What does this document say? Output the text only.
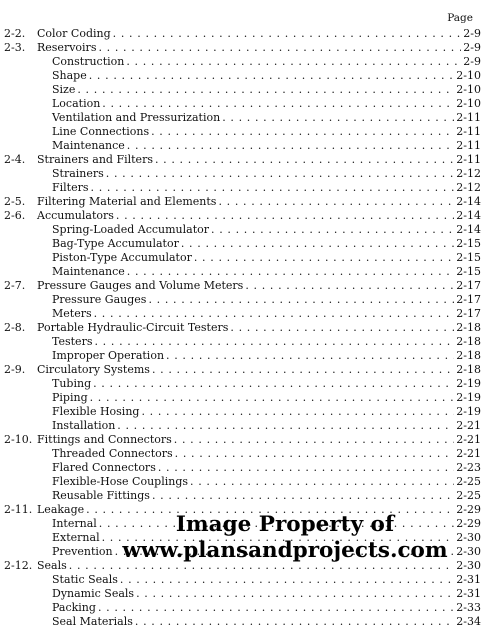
Page
2-2.	Color Coding . . .	2-9
2-3.	Reservoirs . . .	2-9
Construction . . .	2-9
Shape . . .	2-10
Size . . .	2-10
Location . . .	2-10
Ventilation and Pressurization . . .	2-11
Line Connections . . .	2-11
Maintenance . . .	2-11
2-4.	Strainers and Filters . . .	2-11
Strainers . . .	2-12
Filters . . .	2-12
2-5.	Filtering Material and Elements . . .	2-14
2-6.	Accumulators . . .	2-14
Spring-Loaded Accumulator . . .	2-14
Bag-Type Accumulator . . .	2-15
Piston-Type Accumulator . . .	2-15
Maintenance . . .	2-15
2-7.	Pressure Gauges and Volume Meters . . .	2-17
Pressure Gauges . . .	2-17
Meters . . .	2-17
2-8.	Portable Hydraulic-Circuit Testers . . .	2-18
Testers . . .	2-18
Improper Operation . . .	2-18
2-9.	Circulatory Systems . . .	2-18
Tubing . . .	2-19
Piping . . .	2-19
Flexible Hosing . . .	2-19
Installation . . .	2-21
2-10. Fittings and Connectors . . .	2-21
Threaded Connectors . . .	2-21
Flared Connectors . . .	2-23
Flexible-Hose Couplings . . .	2-25
Reusable Fittings . . .	2-25
2-11. Leakage . . .	2-29
Internal . . .	2-29
External . . .	2-30
Prevention . . .	2-30
2-12. Seals . . .	2-30
Static Seals . . .	2-31
Dynamic Seals . . .	2-31
Packing . . .	2-33
Seal Materials . . .	2-34
Image Property of
www.plansandprojects.com
